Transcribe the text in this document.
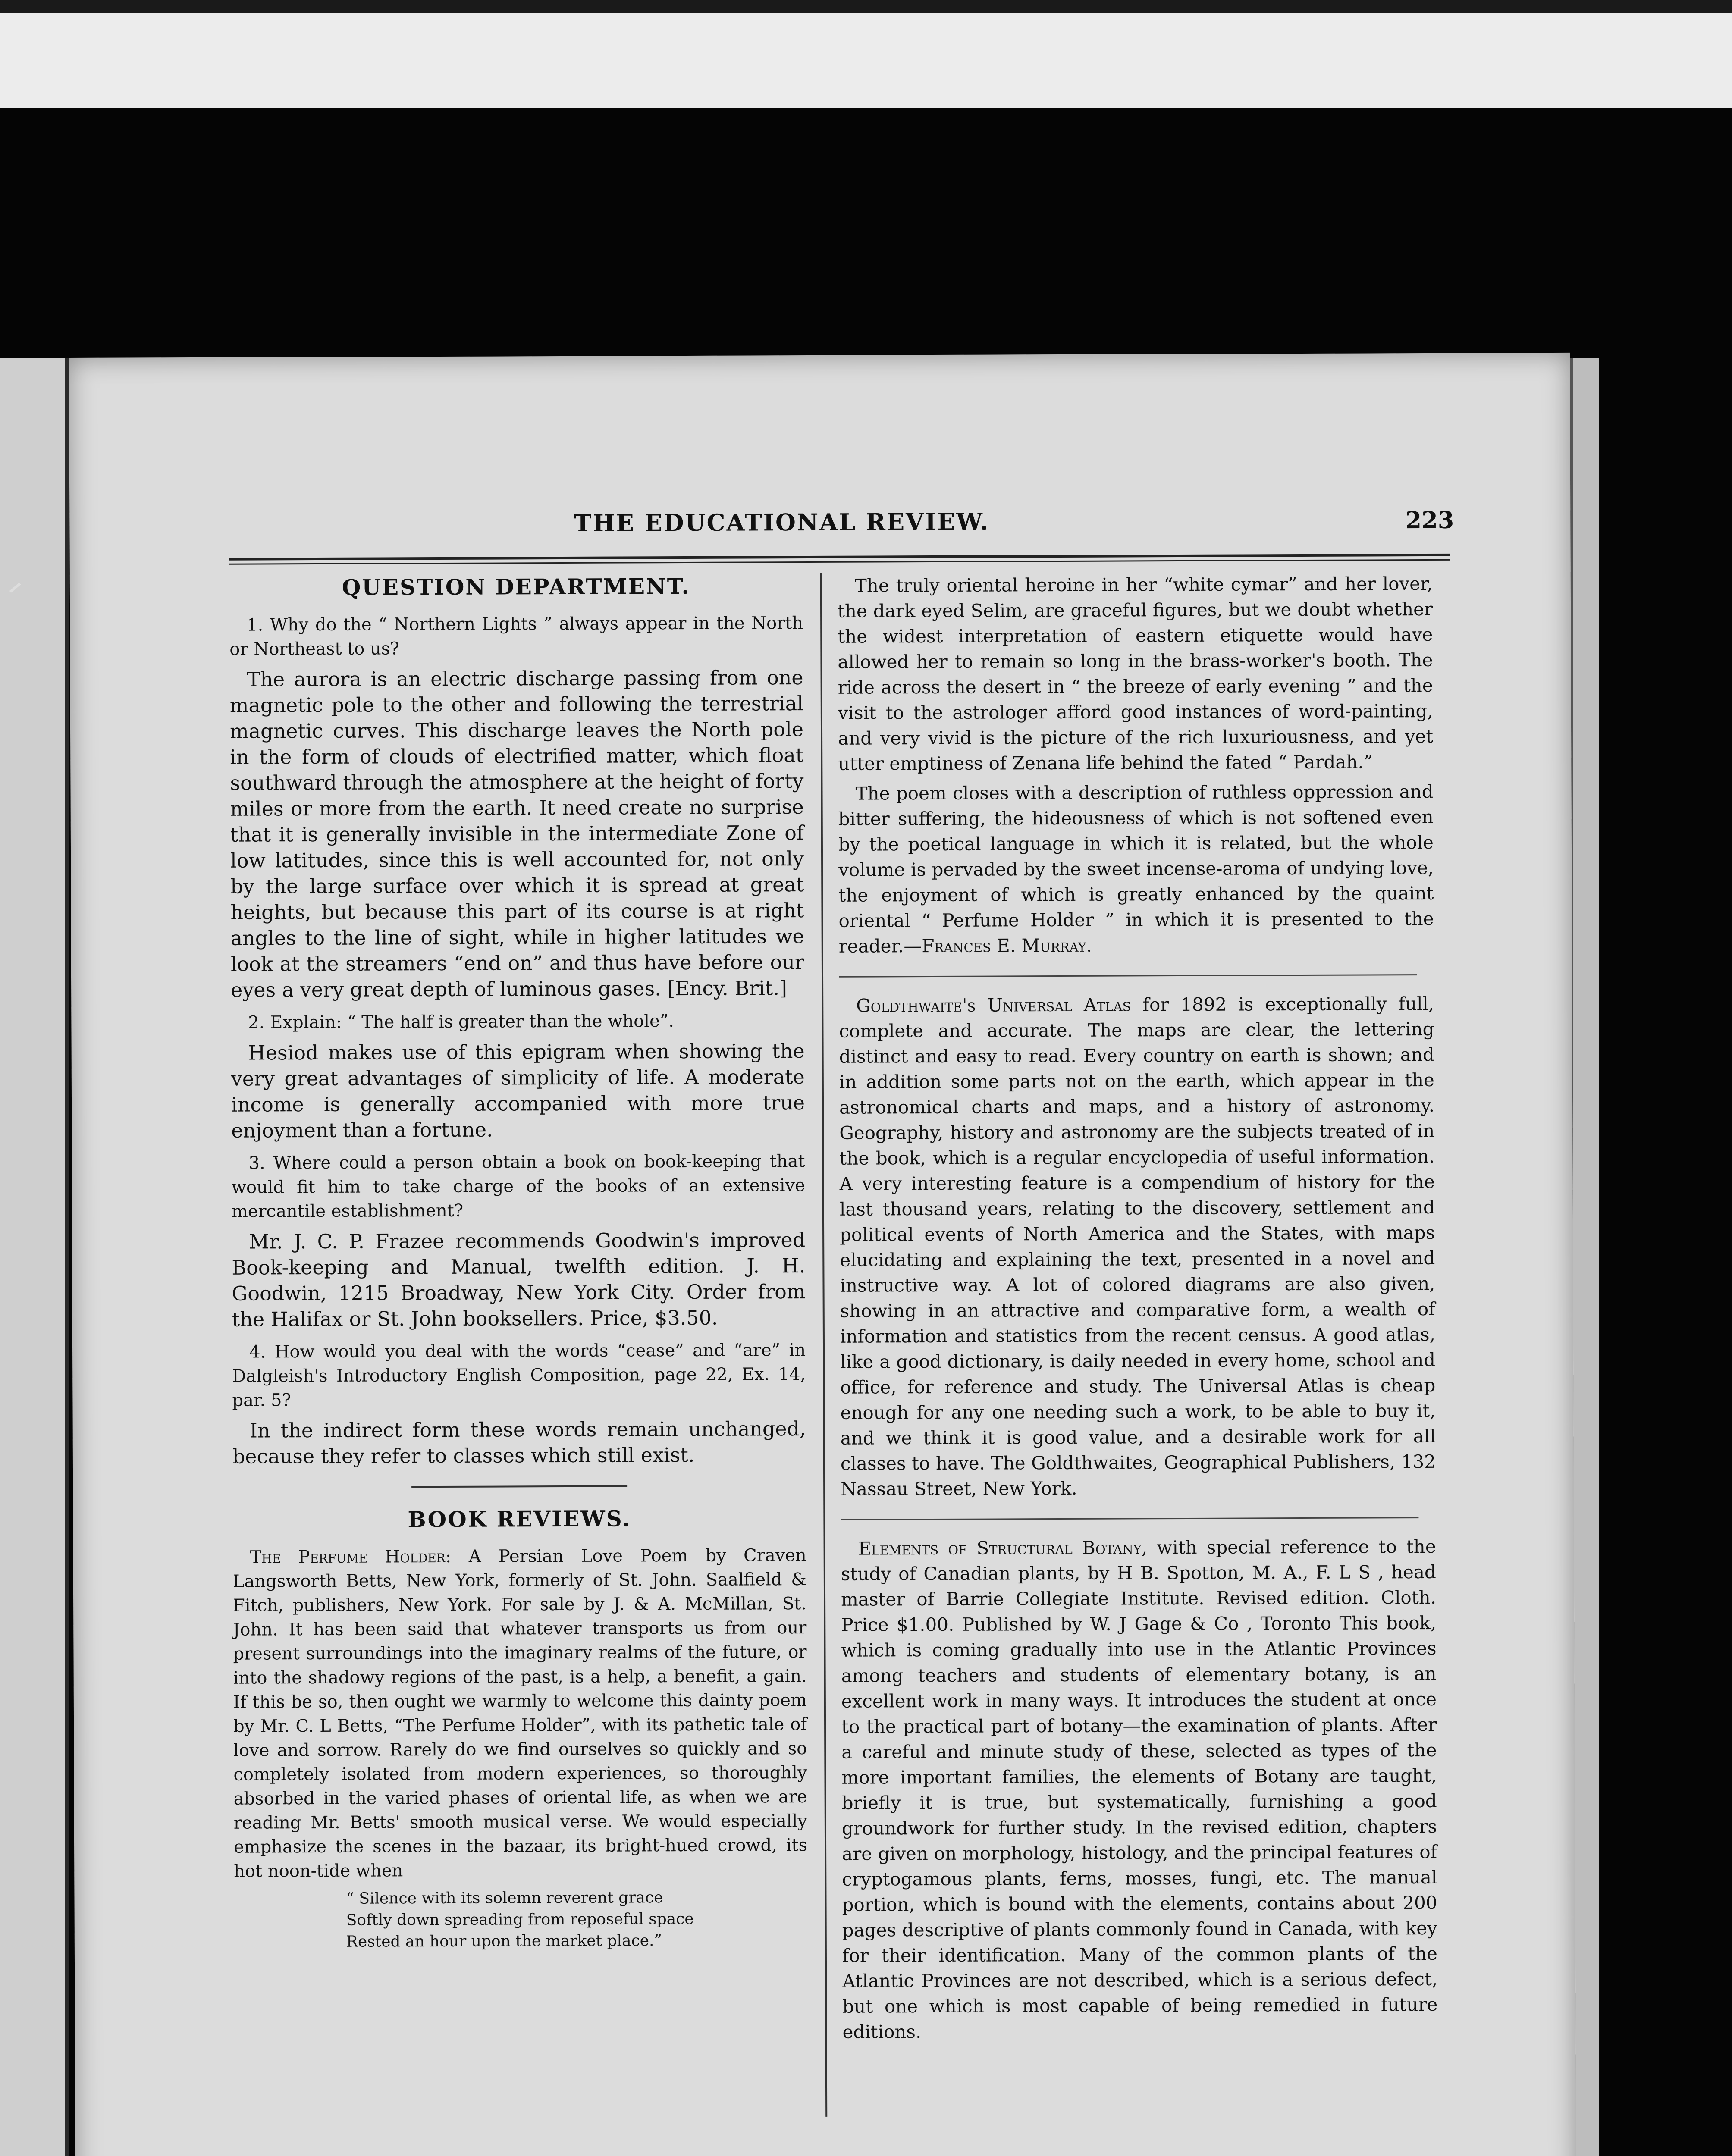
THE EDUCATIONAL REVIEW.	223
QUESTION DEPARTMENT.
1. Why do the “ Northern Lights ” always appear in the North or Northeast to us?
The aurora is an electric discharge passing from one magnetic pole to the other and following the terrestrial magnetic curves. This discharge leaves the North pole in the form of clouds of electrified matter, which float southward through the atmosphere at the height of forty miles or more from the earth. It need create no surprise that it is generally invisible in the intermediate Zone of low latitudes, since this is well accounted for, not only by the large surface over which it is spread at great heights, but because this part of its course is at right angles to the line of sight, while in higher latitudes we look at the streamers “end on” and thus have before our eyes a very great depth of luminous gases. [Ency. Brit.]
2. Explain: “ The half is greater than the whole”.
Hesiod makes use of this epigram when showing the very great advantages of simplicity of life. A moderate income is generally accompanied with more true enjoyment than a fortune.
3. Where could a person obtain a book on book-keeping that would fit him to take charge of the books of an extensive mercantile establishment?
Mr. J. C. P. Frazee recommends Goodwin's improved Book-keeping and Manual, twelfth edition. J. H. Goodwin, 1215 Broadway, New York City. Order from the Halifax or St. John booksellers. Price, $3.50.
4. How would you deal with the words “cease” and “are” in Dalgleish's Introductory English Composition, page 22, Ex. 14, par. 5?
In the indirect form these words remain unchanged, because they refer to classes which still exist.
BOOK REVIEWS.
The Perfume Holder: A Persian Love Poem by Craven Langsworth Betts, New York, formerly of St. John. Saalfield & Fitch, publishers, New York. For sale by J. & A. McMillan, St. John. It has been said that whatever transports us from our present surroundings into the imaginary realms of the future, or into the shadowy regions of the past, is a help, a benefit, a gain. If this be so, then ought we warmly to welcome this dainty poem by Mr. C. L Betts, “The Perfume Holder”, with its pathetic tale of love and sorrow. Rarely do we find ourselves so quickly and so completely isolated from modern experiences, so thoroughly absorbed in the varied phases of oriental life, as when we are reading Mr. Betts' smooth musical verse. We would especially emphasize the scenes in the bazaar, its bright-hued crowd, its hot noon-tide when
“ Silence with its solemn reverent grace
Softly down spreading from reposeful space
Rested an hour upon the market place.”
The truly oriental heroine in her “white cymar” and her lover, the dark eyed Selim, are graceful figures, but we doubt whether the widest interpretation of eastern etiquette would have allowed her to remain so long in the brass-worker's booth. The ride across the desert in “ the breeze of early evening ” and the visit to the astrologer afford good instances of word-painting, and very vivid is the picture of the rich luxuriousness, and yet utter emptiness of Zenana life behind the fated “ Pardah.”
The poem closes with a description of ruthless oppression and bitter suffering, the hideousness of which is not softened even by the poetical language in which it is related, but the whole volume is pervaded by the sweet incense-aroma of undying love, the enjoyment of which is greatly enhanced by the quaint oriental “ Perfume Holder ” in which it is presented to the reader.—Frances E. Murray.
Goldthwaite's Universal Atlas for 1892 is exceptionally full, complete and accurate. The maps are clear, the lettering distinct and easy to read. Every country on earth is shown; and in addition some parts not on the earth, which appear in the astronomical charts and maps, and a history of astronomy. Geography, history and astronomy are the subjects treated of in the book, which is a regular encyclopedia of useful information. A very interesting feature is a compendium of history for the last thousand years, relating to the discovery, settlement and political events of North America and the States, with maps elucidating and explaining the text, presented in a novel and instructive way. A lot of colored diagrams are also given, showing in an attractive and comparative form, a wealth of information and statistics from the recent census. A good atlas, like a good dictionary, is daily needed in every home, school and office, for reference and study. The Universal Atlas is cheap enough for any one needing such a work, to be able to buy it, and we think it is good value, and a desirable work for all classes to have. The Goldthwaites, Geographical Publishers, 132 Nassau Street, New York.
Elements of Structural Botany, with special reference to the study of Canadian plants, by H B. Spotton, M. A., F. L S , head master of Barrie Collegiate Institute. Revised edition. Cloth. Price $1.00. Published by W. J Gage & Co , Toronto This book, which is coming gradually into use in the Atlantic Provinces among teachers and students of elementary botany, is an excellent work in many ways. It introduces the student at once to the practical part of botany—the examination of plants. After a careful and minute study of these, selected as types of the more important families, the elements of Botany are taught, briefly it is true, but systematically, furnishing a good groundwork for further study. In the revised edition, chapters are given on morphology, histology, and the principal features of cryptogamous plants, ferns, mosses, fungi, etc. The manual portion, which is bound with the elements, contains about 200 pages descriptive of plants commonly found in Canada, with key for their identification. Many of the common plants of the Atlantic Provinces are not described, which is a serious defect, but one which is most capable of being remedied in future editions.
